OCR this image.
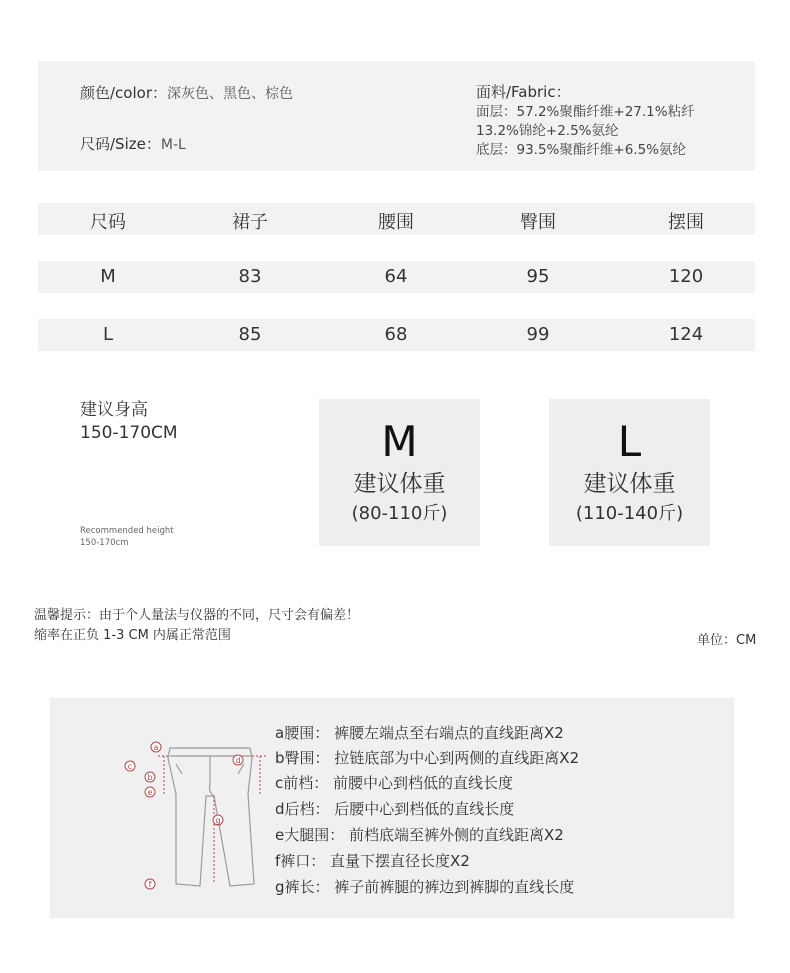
颜色/color：深灰色、黑色、棕色
尺码/Size：M-L
面料/Fabric：
面层：57.2%聚酯纤维+27.1%粘纤
13.2%锦纶+2.5%氨纶
底层：93.5%聚酯纤维+6.5%氨纶
尺码	裙子	腰围	臀围	摆围
M	83	64	95	120
L	85	68	99	124
建议身高
150-170CM
Recommended height
150-170cm
M
建议体重
(80-110斤)
L
建议体重
(110-140斤)
温馨提示：由于个人量法与仪器的不同，尺寸会有偏差！
缩率在正负 1-3 CM 内属正常范围	单位：CM
a
b
c
d
e
f
g
a腰围： 裤腰左端点至右端点的直线距离X2
b臀围： 拉链底部为中心到两侧的直线距离X2
c前档： 前腰中心到档低的直线长度
d后档： 后腰中心到档低的直线长度
e大腿围： 前档底端至裤外侧的直线距离X2
f裤口： 直量下摆直径长度X2
g裤长： 裤子前裤腿的裤边到裤脚的直线长度
